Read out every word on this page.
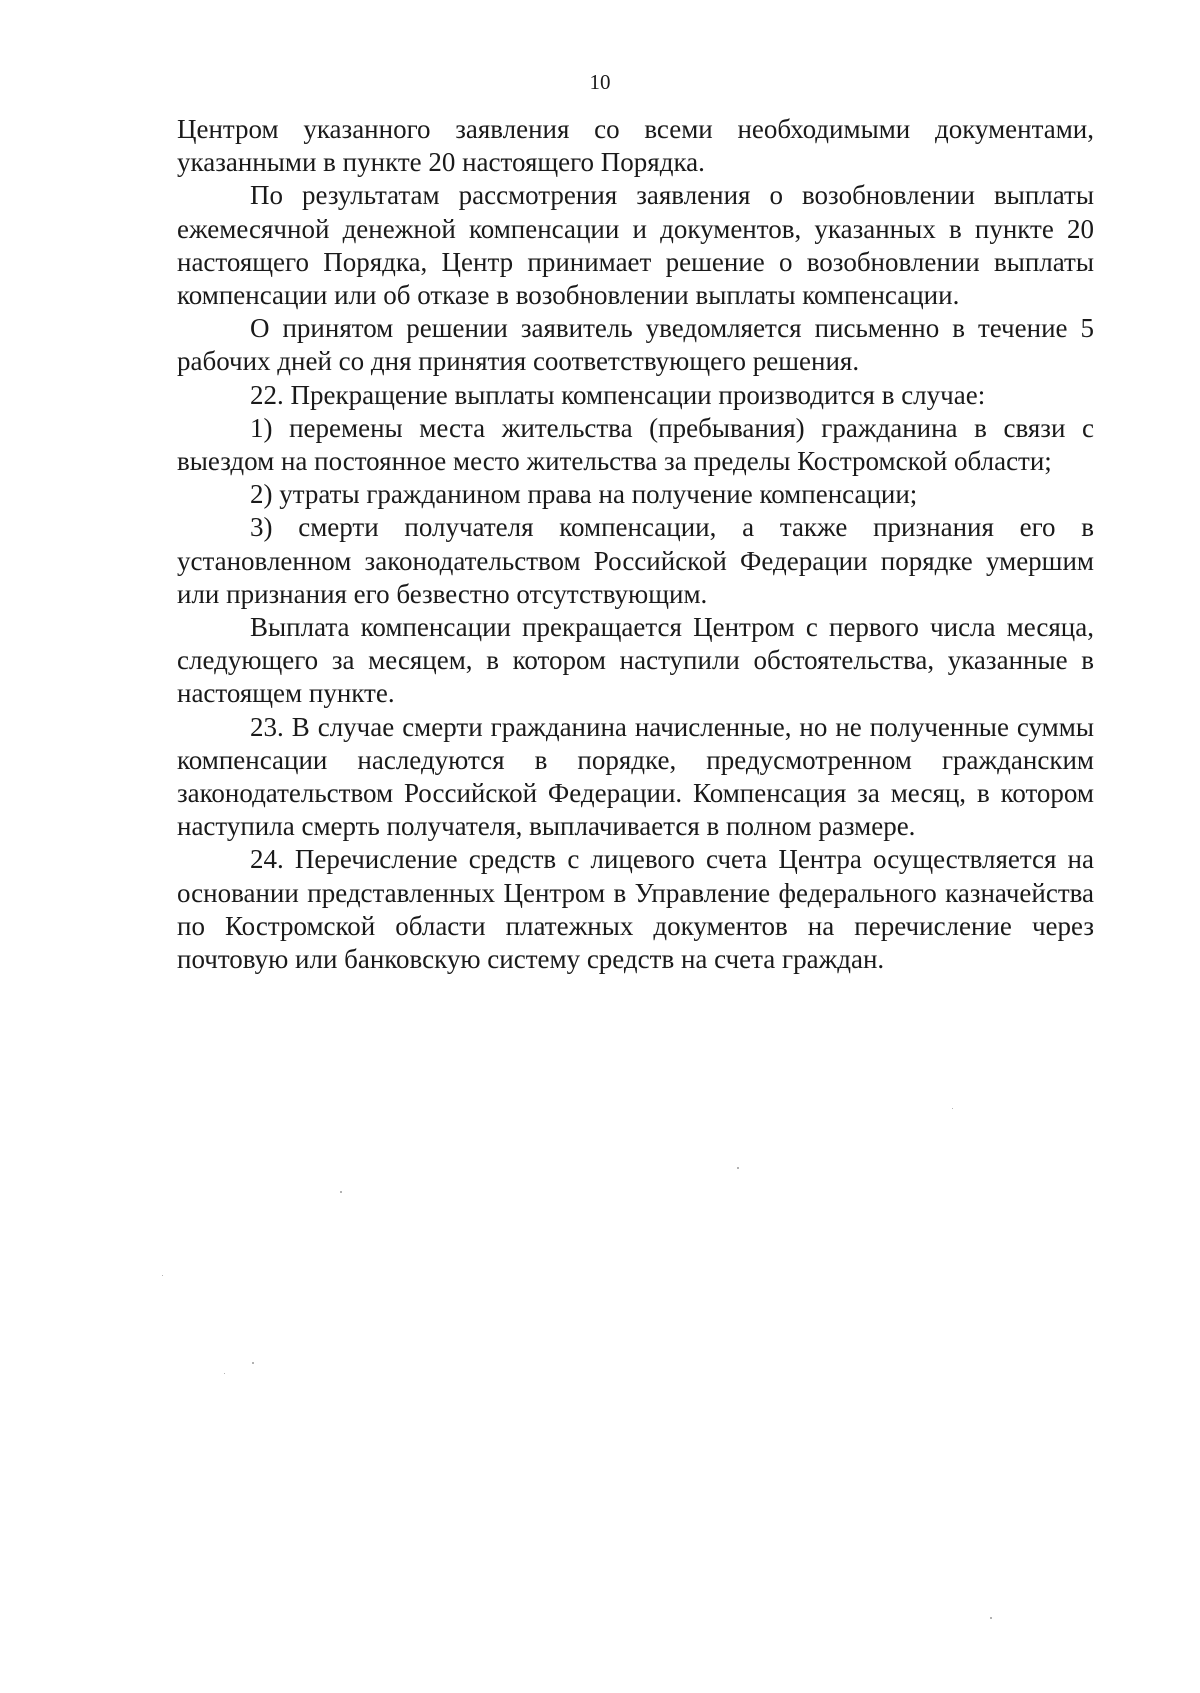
10

Центром указанного заявления со всеми необходимыми документами, указанными в пункте 20 настоящего Порядка.

По результатам рассмотрения заявления о возобновлении выплаты ежемесячной денежной компенсации и документов, указанных в пункте 20 настоящего Порядка, Центр принимает решение о возобновлении выплаты компенсации или об отказе в возобновлении выплаты компенсации.

О принятом решении заявитель уведомляется письменно в течение 5 рабочих дней со дня принятия соответствующего решения.

22. Прекращение выплаты компенсации производится в случае:

1) перемены места жительства (пребывания) гражданина в связи с выездом на постоянное место жительства за пределы Костромской области;

2) утраты гражданином права на получение компенсации;

3) смерти получателя компенсации, а также признания его в установленном законодательством Российской Федерации порядке умершим или признания его безвестно отсутствующим.

Выплата компенсации прекращается Центром с первого числа месяца, следующего за месяцем, в котором наступили обстоятельства, указанные в настоящем пункте.

23. В случае смерти гражданина начисленные, но не полученные суммы компенсации наследуются в порядке, предусмотренном гражданским законодательством Российской Федерации. Компенсация за месяц, в котором наступила смерть получателя, выплачивается в полном размере.

24. Перечисление средств с лицевого счета Центра осуществляется на основании представленных Центром в Управление федерального казначейства по Костромской области платежных документов на перечисление через почтовую или банковскую систему средств на счета граждан.
